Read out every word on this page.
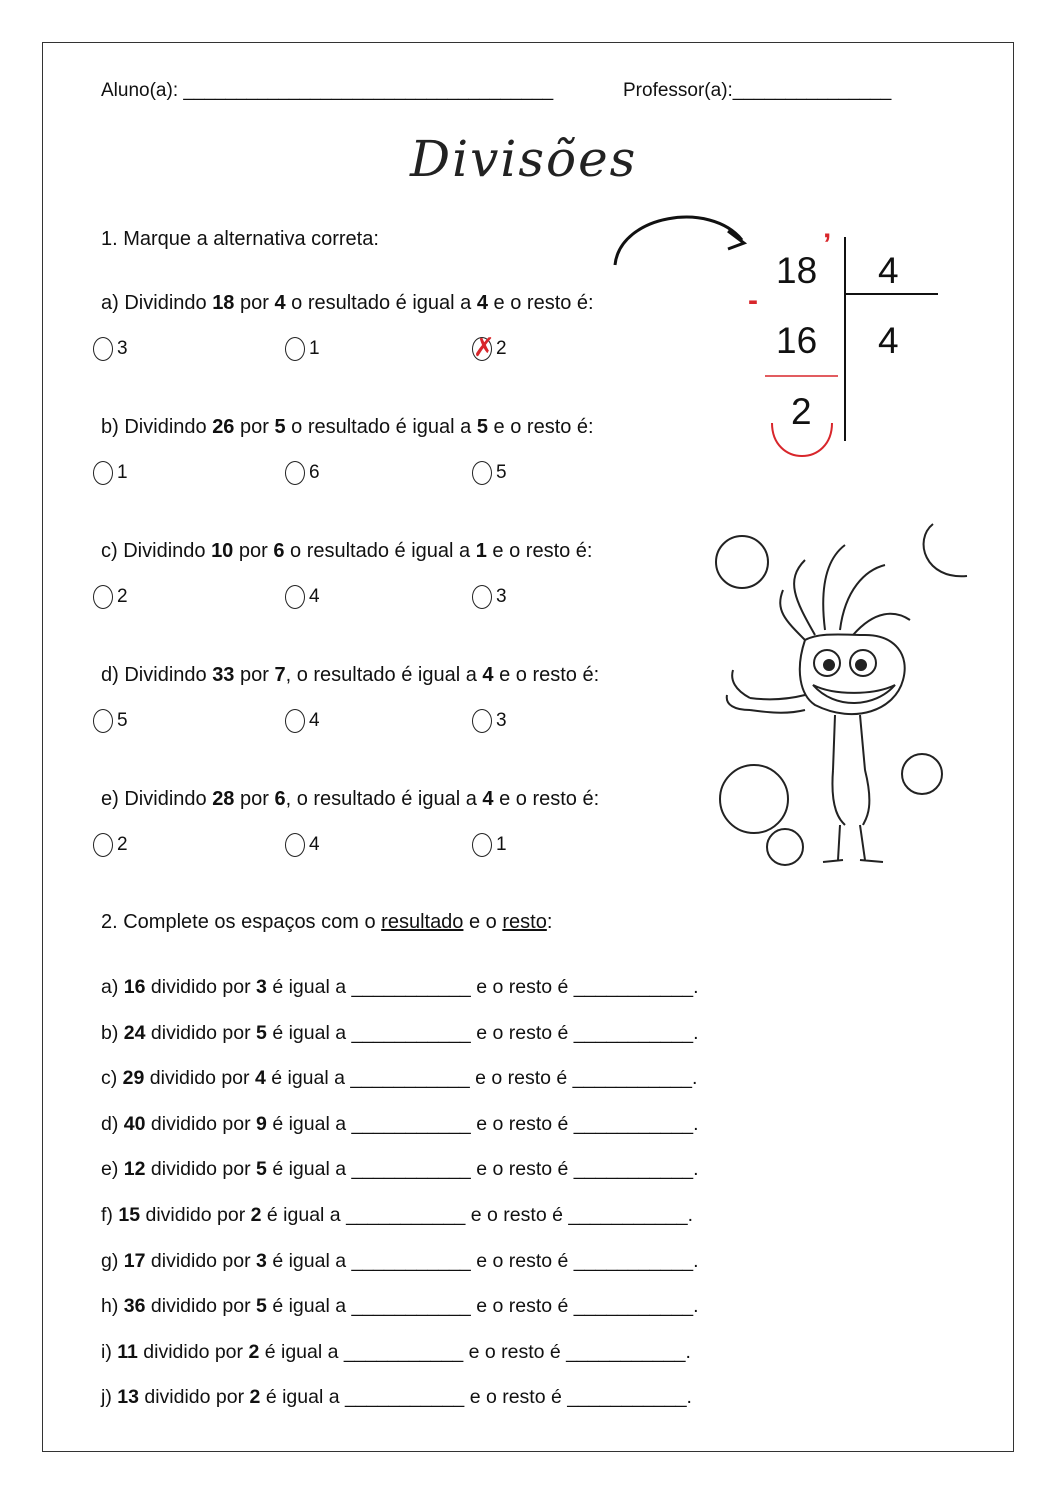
Aluno(a): ___________________________________	Professor(a):_______________
Divisões
1. Marque a alternativa correta:
a) Dividindo 18 por 4 o resultado é igual a 4 e o resto é:
3	1	✗ 2
b) Dividindo 26 por 5 o resultado é igual a 5 e o resto é:
1	6	5
c) Dividindo 10 por 6 o resultado é igual a 1 e o resto é:
2	4	3
d) Dividindo 33 por 7, o resultado é igual a 4 e o resto é:
5	4	3
e) Dividindo 28 por 6, o resultado é igual a 4 e o resto é:
2	4	1
18
’
4
-
16 4
2
2. Complete os espaços com o resultado e o resto:
a) 16 dividido por 3 é igual a ___________ e o resto é ___________.
b) 24 dividido por 5 é igual a ___________ e o resto é ___________.
c) 29 dividido por 4 é igual a ___________ e o resto é ___________.
d) 40 dividido por 9 é igual a ___________ e o resto é ___________.
e) 12 dividido por 5 é igual a ___________ e o resto é ___________.
f) 15 dividido por 2 é igual a ___________ e o resto é ___________.
g) 17 dividido por 3 é igual a ___________ e o resto é ___________.
h) 36 dividido por 5 é igual a ___________ e o resto é ___________.
i) 11 dividido por 2 é igual a ___________ e o resto é ___________.
j) 13 dividido por 2 é igual a ___________ e o resto é ___________.
